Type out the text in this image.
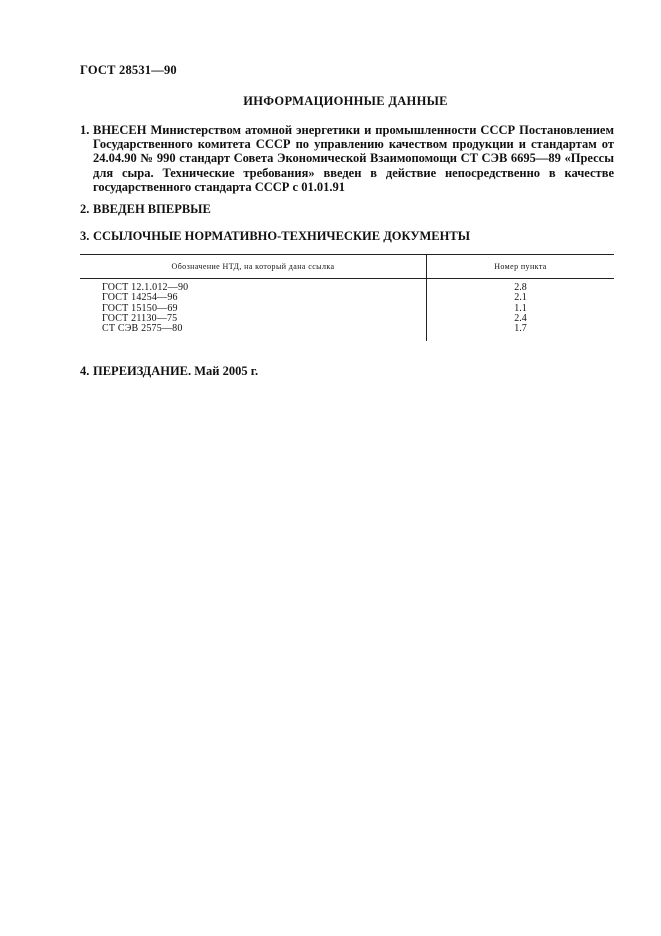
ГОСТ 28531—90
ИНФОРМАЦИОННЫЕ ДАННЫЕ
1. ВНЕСЕН Министерством атомной энергетики и промышленности СССР Постановлением Государственного комитета СССР по управлению качеством продукции и стандартам от 24.04.90 № 990 стандарт Совета Экономической Взаимопомощи СТ СЭВ 6695—89 «Прессы для сыра. Технические требования» введен в действие непосредственно в качестве государственного стандарта СССР с 01.01.91
2. ВВЕДЕН ВПЕРВЫЕ
3. ССЫЛОЧНЫЕ НОРМАТИВНО-ТЕХНИЧЕСКИЕ ДОКУМЕНТЫ
Обозначение НТД, на который дана ссылка	Номер пункта
ГОСТ 12.1.012—90	2.8
ГОСТ 14254—96	2.1
ГОСТ 15150—69	1.1
ГОСТ 21130—75	2.4
СТ СЭВ 2575—80	1.7
4. ПЕРЕИЗДАНИЕ. Май 2005 г.
